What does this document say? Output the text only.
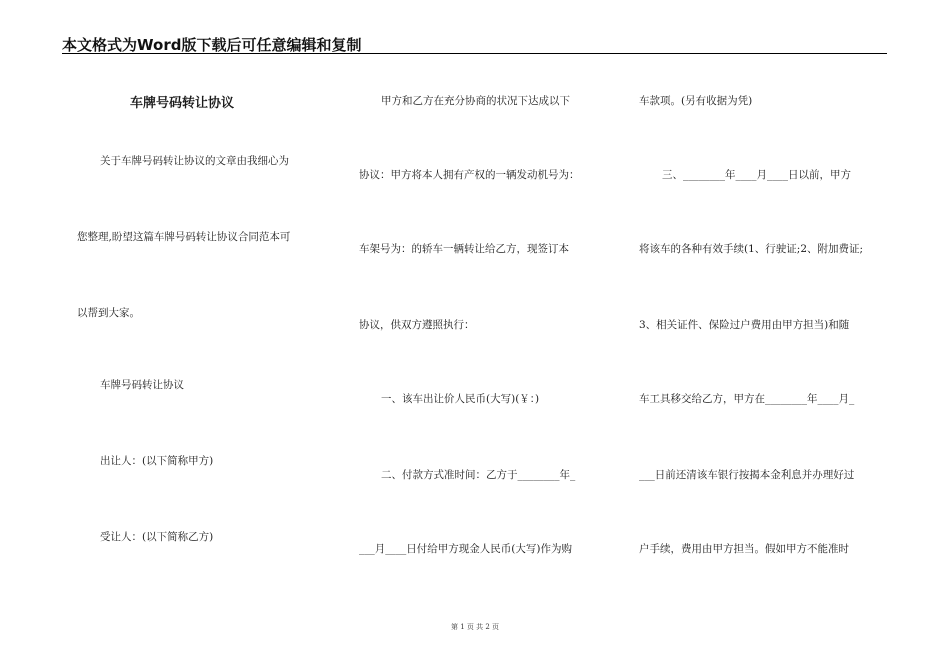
本文格式为Word版下载后可任意编辑和复制
车牌号码转让协议
关于车牌号码转让协议的文章由我细心为
您整理,盼望这篇车牌号码转让协议合同范本可
以帮到大家。
车牌号码转让协议
出让人：(以下简称甲方)
受让人：(以下简称乙方)
甲方和乙方在充分协商的状况下达成以下
协议：甲方将本人拥有产权的一辆发动机号为：
车架号为：的轿车一辆转让给乙方，现签订本
协议，供双方遵照执行：
一、该车出让价人民币(大写)(￥：)
二、付款方式准时间：乙方于________年_
___月____日付给甲方现金人民币(大写)作为购
车款项。(另有收据为凭)
三、________年____月____日以前，甲方
将该车的各种有效手续(1、行驶证;2、附加费证;
3、相关证件、保险过户费用由甲方担当)和随
车工具移交给乙方，甲方在________年____月_
___日前还清该车银行按揭本金利息并办理好过
户手续，费用由甲方担当。假如甲方不能准时
第 1 页 共 2 页
